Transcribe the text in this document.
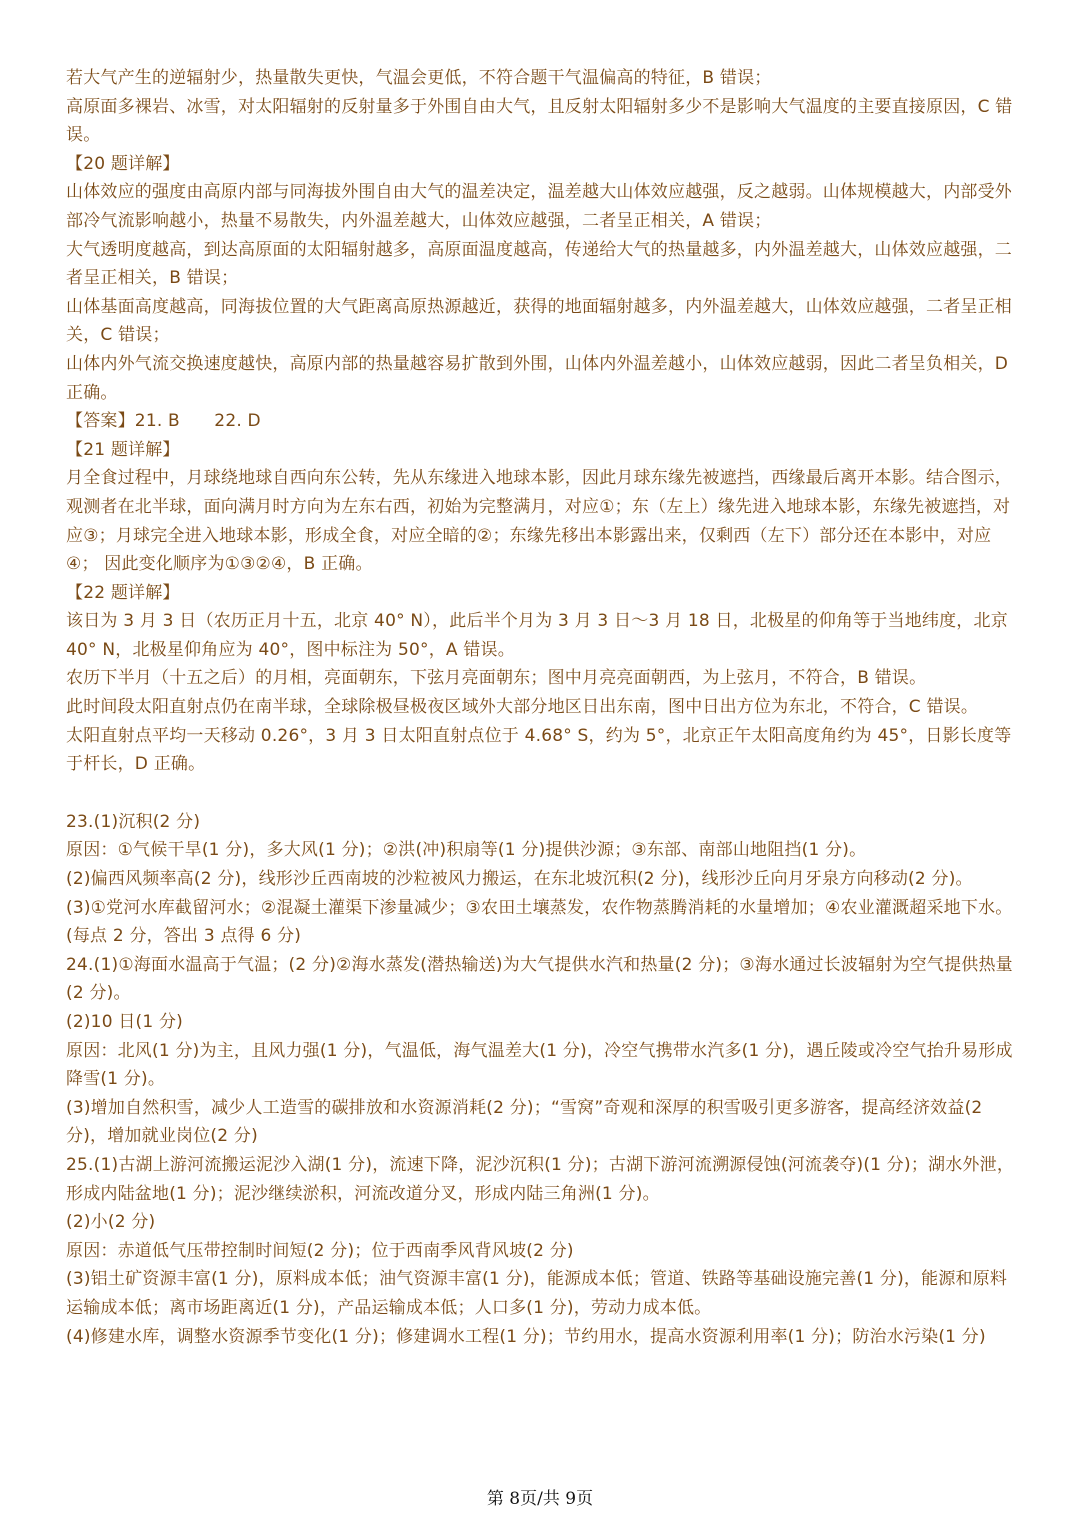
若大气产生的逆辐射少，热量散失更快，气温会更低，不符合题干气温偏高的特征，B 错误；

高原面多裸岩、冰雪，对太阳辐射的反射量多于外围自由大气，且反射太阳辐射多少不是影响大气温度的主要直接原因，C 错误。

【20 题详解】

山体效应的强度由高原内部与同海拔外围自由大气的温差决定，温差越大山体效应越强，反之越弱。山体规模越大，内部受外部冷气流影响越小，热量不易散失，内外温差越大，山体效应越强，二者呈正相关，A 错误；

大气透明度越高，到达高原面的太阳辐射越多，高原面温度越高，传递给大气的热量越多，内外温差越大，山体效应越强，二者呈正相关，B 错误；

山体基面高度越高，同海拔位置的大气距离高原热源越近，获得的地面辐射越多，内外温差越大，山体效应越强，二者呈正相关，C 错误；

山体内外气流交换速度越快，高原内部的热量越容易扩散到外围，山体内外温差越小，山体效应越弱，因此二者呈负相关，D 正确。

【答案】21. B　　22. D

【21 题详解】

月全食过程中，月球绕地球自西向东公转，先从东缘进入地球本影，因此月球东缘先被遮挡，西缘最后离开本影。结合图示，观测者在北半球，面向满月时方向为左东右西，初始为完整满月，对应①；东（左上）缘先进入地球本影，东缘先被遮挡，对应③；月球完全进入地球本影，形成全食，对应全暗的②；东缘先移出本影露出来，仅剩西（左下）部分还在本影中，对应④； 因此变化顺序为①③②④，B 正确。

【22 题详解】

该日为 3 月 3 日（农历正月十五，北京 40° N），此后半个月为 3 月 3 日～3 月 18 日，北极星的仰角等于当地纬度，北京 40° N，北极星仰角应为 40°，图中标注为 50°，A 错误。

农历下半月（十五之后）的月相，亮面朝东，下弦月亮面朝东；图中月亮亮面朝西，为上弦月，不符合，B 错误。

此时间段太阳直射点仍在南半球，全球除极昼极夜区域外大部分地区日出东南，图中日出方位为东北，不符合，C 错误。

太阳直射点平均一天移动 0.26°，3 月 3 日太阳直射点位于 4.68° S，约为 5°，北京正午太阳高度角约为 45°，日影长度等于杆长，D 正确。

23.(1)沉积(2 分)

原因：①气候干旱(1 分)，多大风(1 分)；②洪(冲)积扇等(1 分)提供沙源；③东部、南部山地阻挡(1 分)。

(2)偏西风频率高(2 分)，线形沙丘西南坡的沙粒被风力搬运，在东北坡沉积(2 分)，线形沙丘向月牙泉方向移动(2 分)。

(3)①党河水库截留河水；②混凝土灌渠下渗量减少；③农田土壤蒸发，农作物蒸腾消耗的水量增加；④农业灌溉超采地下水。(每点 2 分，答出 3 点得 6 分)

24.(1)①海面水温高于气温；(2 分)②海水蒸发(潜热输送)为大气提供水汽和热量(2 分)；③海水通过长波辐射为空气提供热量(2 分)。

(2)10 日(1 分)

原因：北风(1 分)为主，且风力强(1 分)，气温低，海气温差大(1 分)，冷空气携带水汽多(1 分)，遇丘陵或冷空气抬升易形成降雪(1 分)。

(3)增加自然积雪，减少人工造雪的碳排放和水资源消耗(2 分)；“雪窝”奇观和深厚的积雪吸引更多游客，提高经济效益(2 分)，增加就业岗位(2 分)

25.(1)古湖上游河流搬运泥沙入湖(1 分)，流速下降，泥沙沉积(1 分)；古湖下游河流溯源侵蚀(河流袭夺)(1 分)；湖水外泄，形成内陆盆地(1 分)；泥沙继续淤积，河流改道分叉，形成内陆三角洲(1 分)。

(2)小(2 分)

原因：赤道低气压带控制时间短(2 分)；位于西南季风背风坡(2 分)

(3)铝土矿资源丰富(1 分)，原料成本低；油气资源丰富(1 分)，能源成本低；管道、铁路等基础设施完善(1 分)，能源和原料运输成本低；离市场距离近(1 分)，产品运输成本低；人口多(1 分)，劳动力成本低。

(4)修建水库，调整水资源季节变化(1 分)；修建调水工程(1 分)；节约用水，提高水资源利用率(1 分)；防治水污染(1 分)

第 8页/共 9页
